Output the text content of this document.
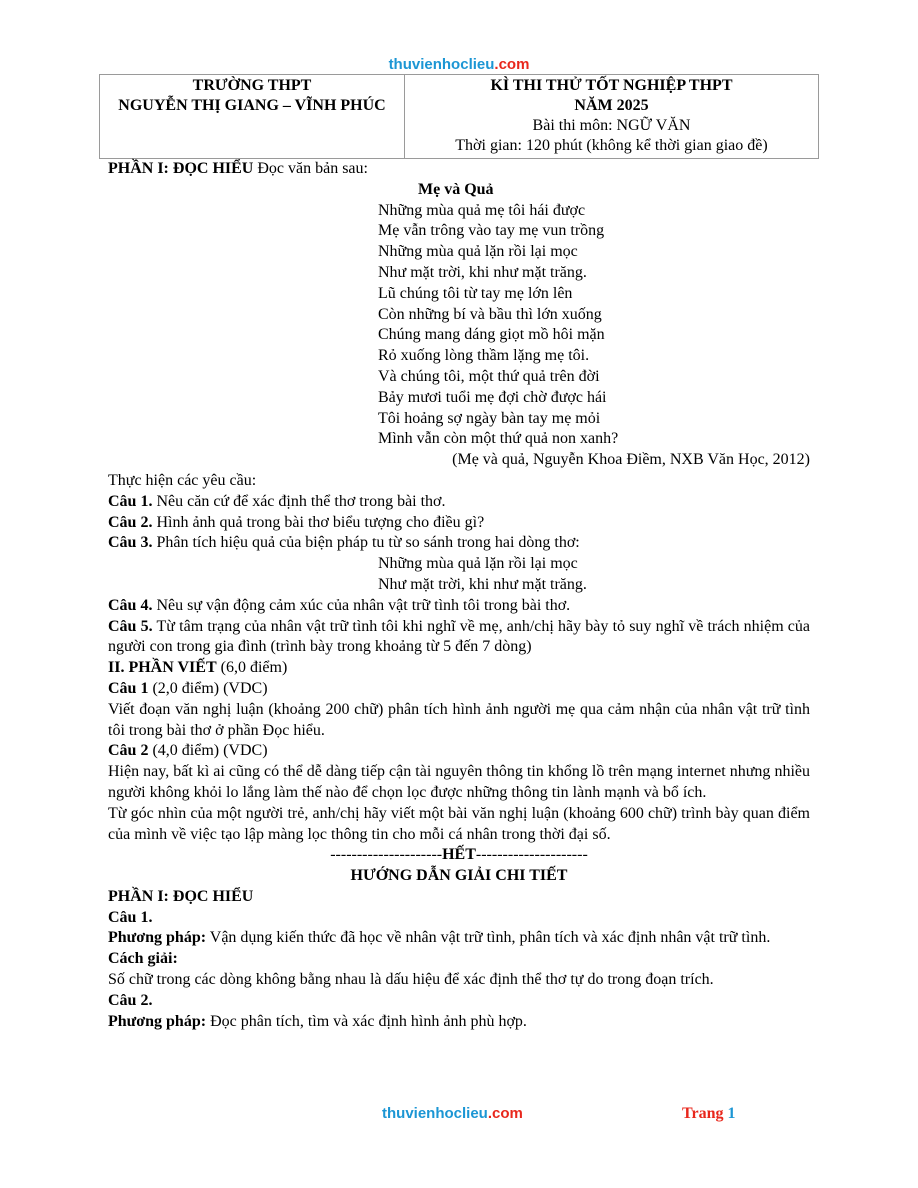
thuvienhoclieu.com
TRƯỜNG THPT
NGUYỄN THỊ GIANG – VĨNH PHÚC

KÌ THI THỬ TỐT NGHIỆP THPT
NĂM 2025
Bài thi môn: NGỮ VĂN
Thời gian: 120 phút (không kể thời gian giao đề)

PHẦN I: ĐỌC HIỂU Đọc văn bản sau:

Mẹ và Quả
Những mùa quả mẹ tôi hái được
Mẹ vẫn trông vào tay mẹ vun trồng
Những mùa quả lặn rồi lại mọc
Như mặt trời, khi như mặt trăng.
Lũ chúng tôi từ tay mẹ lớn lên
Còn những bí và bầu thì lớn xuống
Chúng mang dáng giọt mồ hôi mặn
Rỏ xuống lòng thầm lặng mẹ tôi.
Và chúng tôi, một thứ quả trên đời
Bảy mươi tuổi mẹ đợi chờ được hái
Tôi hoảng sợ ngày bàn tay mẹ mỏi
Mình vẫn còn một thứ quả non xanh?
(Mẹ và quả, Nguyễn Khoa Điềm, NXB Văn Học, 2012)

Thực hiện các yêu cầu:

Câu 1. Nêu căn cứ để xác định thể thơ trong bài thơ.

Câu 2. Hình ảnh quả trong bài thơ biểu tượng cho điều gì?

Câu 3. Phân tích hiệu quả của biện pháp tu từ so sánh trong hai dòng thơ:

Những mùa quả lặn rồi lại mọc
Như mặt trời, khi như mặt trăng.

Câu 4. Nêu sự vận động cảm xúc của nhân vật trữ tình tôi trong bài thơ.

Câu 5. Từ tâm trạng của nhân vật trữ tình tôi khi nghĩ về mẹ, anh/chị hãy bày tỏ suy nghĩ về trách nhiệm của người con trong gia đình (trình bày trong khoảng từ 5 đến 7 dòng)

II. PHẦN VIẾT (6,0 điểm)

Câu 1 (2,0 điểm) (VDC)

Viết đoạn văn nghị luận (khoảng 200 chữ) phân tích hình ảnh người mẹ qua cảm nhận của nhân vật trữ tình tôi trong bài thơ ở phần Đọc hiểu.

Câu 2 (4,0 điểm) (VDC)

Hiện nay, bất kì ai cũng có thể dễ dàng tiếp cận tài nguyên thông tin khổng lồ trên mạng internet nhưng nhiều người không khỏi lo lắng làm thế nào để chọn lọc được những thông tin lành mạnh và bổ ích.

Từ góc nhìn của một người trẻ, anh/chị hãy viết một bài văn nghị luận (khoảng 600 chữ) trình bày quan điểm của mình về việc tạo lập màng lọc thông tin cho mỗi cá nhân trong thời đại số.

---------------------HẾT---------------------
HƯỚNG DẪN GIẢI CHI TIẾT

PHẦN I: ĐỌC HIỂU

Câu 1.

Phương pháp: Vận dụng kiến thức đã học về nhân vật trữ tình, phân tích và xác định nhân vật trữ tình.

Cách giải:

Số chữ trong các dòng không bằng nhau là dấu hiệu để xác định thể thơ tự do trong đoạn trích.

Câu 2.

Phương pháp: Đọc phân tích, tìm và xác định hình ảnh phù hợp.

thuvienhoclieu.com	Trang 1
